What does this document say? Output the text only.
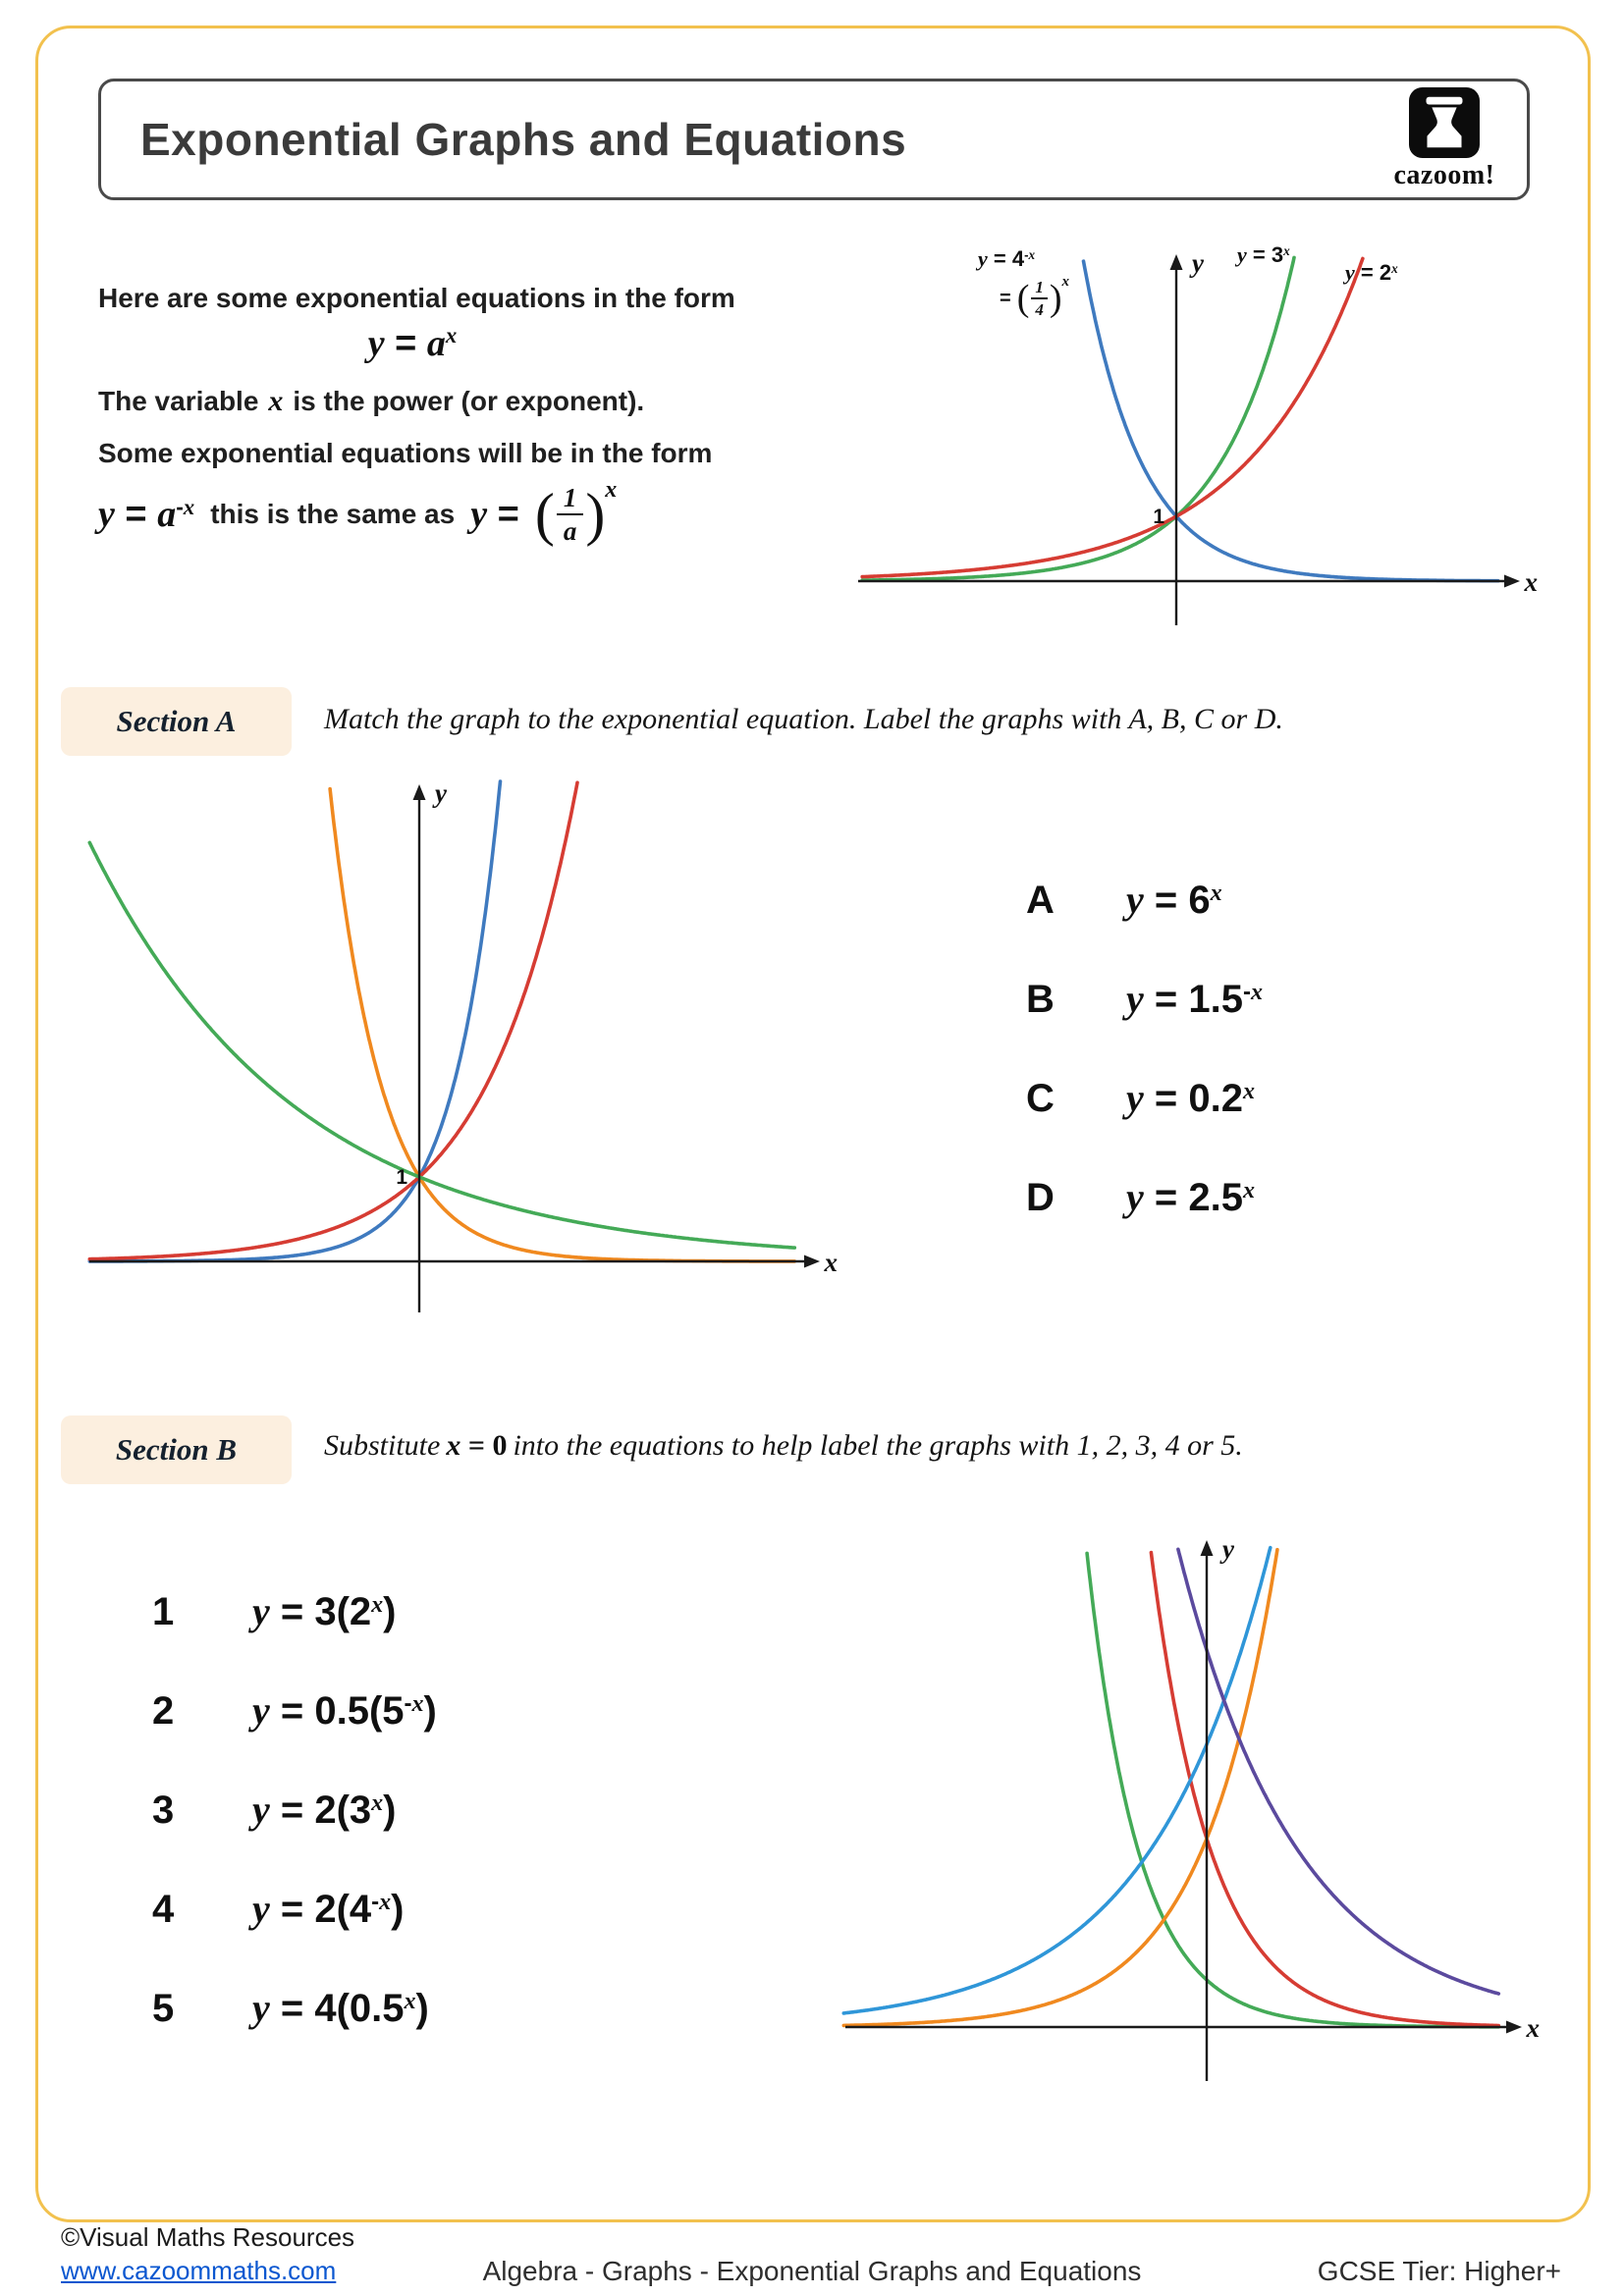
Exponential Graphs and Equations
cazoom!
Here are some exponential equations in the form
$y = a^x$
The variable x is the power (or exponent).
Some exponential equations will be in the form
$y = a^{-x}$ this is the same as y = ( $\frac{1}{a}$ ) x
$y = 4^{-x}$
= ( $\frac{1}{4}$ ) x
$y = 3^x$
$y = 2^x$
y
x
1
Section A	Match the graph to the exponential equation. Label the graphs with A, B, C or D.
y
x
1
A	$y = 6^x$
B	$y = 1.5^{-x}$
C	$y = 0.2^x$
D	$y = 2.5^x$
Section B	Substitute x = 0 into the equations to help label the graphs with 1, 2, 3, 4 or 5.
1	$y = 3(2^x)$
2	$y = 0.5(5^{-x})$
3	$y = 2(3^x)$
4	$y = 2(4^{-x})$
5	$y = 4(0.5^x)$
y
x
©Visual Maths Resources
www.cazoommaths.com	Algebra - Graphs - Exponential Graphs and Equations	GCSE Tier: Higher+
